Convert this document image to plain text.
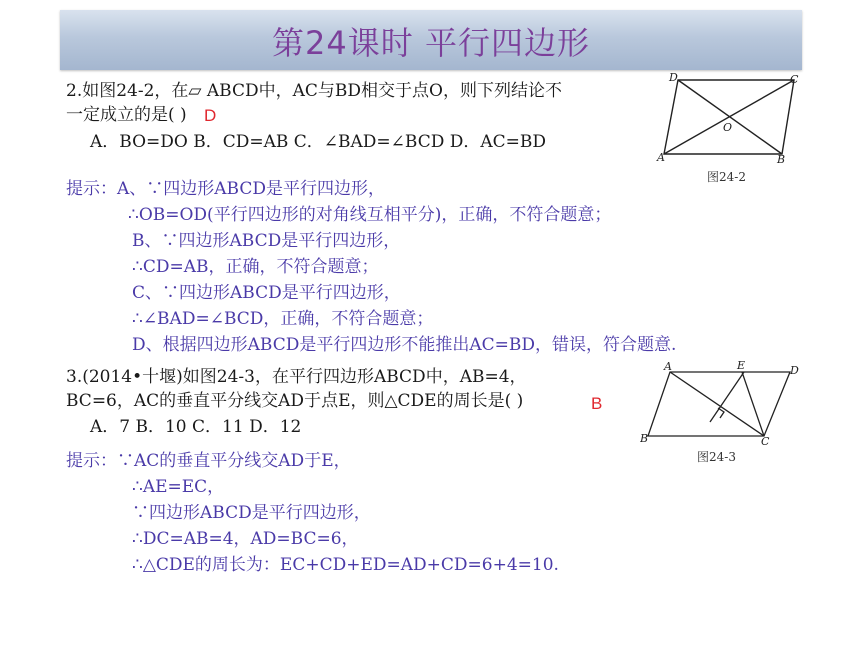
第24课时 平行四边形
2.如图24-2，在▱ ABCD中，AC与BD相交于点O，则下列结论不
一定成立的是( ) D
A．BO=DO B．CD=AB C．∠BAD=∠BCD D．AC=BD
D	C
A	B
O
图24-2
提示：A、∵四边形ABCD是平行四边形，
∴OB=OD(平行四边形的对角线互相平分)，正确，不符合题意；
B、∵四边形ABCD是平行四边形，
∴CD=AB，正确，不符合题意；
C、∵四边形ABCD是平行四边形，
∴∠BAD=∠BCD，正确，不符合题意；
D、根据四边形ABCD是平行四边形不能推出AC=BD，错误，符合题意.
3.(2014•十堰)如图24-3，在平行四边形ABCD中，AB=4，
BC=6，AC的垂直平分线交AD于点E，则△CDE的周长是( )	B
A．7 B．10 C．11 D．12
A	E	D
B	C
图24-3
提示：∵AC的垂直平分线交AD于E，
∴AE=EC，
∵四边形ABCD是平行四边形，
∴DC=AB=4，AD=BC=6，
∴△CDE的周长为：EC+CD+ED=AD+CD=6+4=10.
